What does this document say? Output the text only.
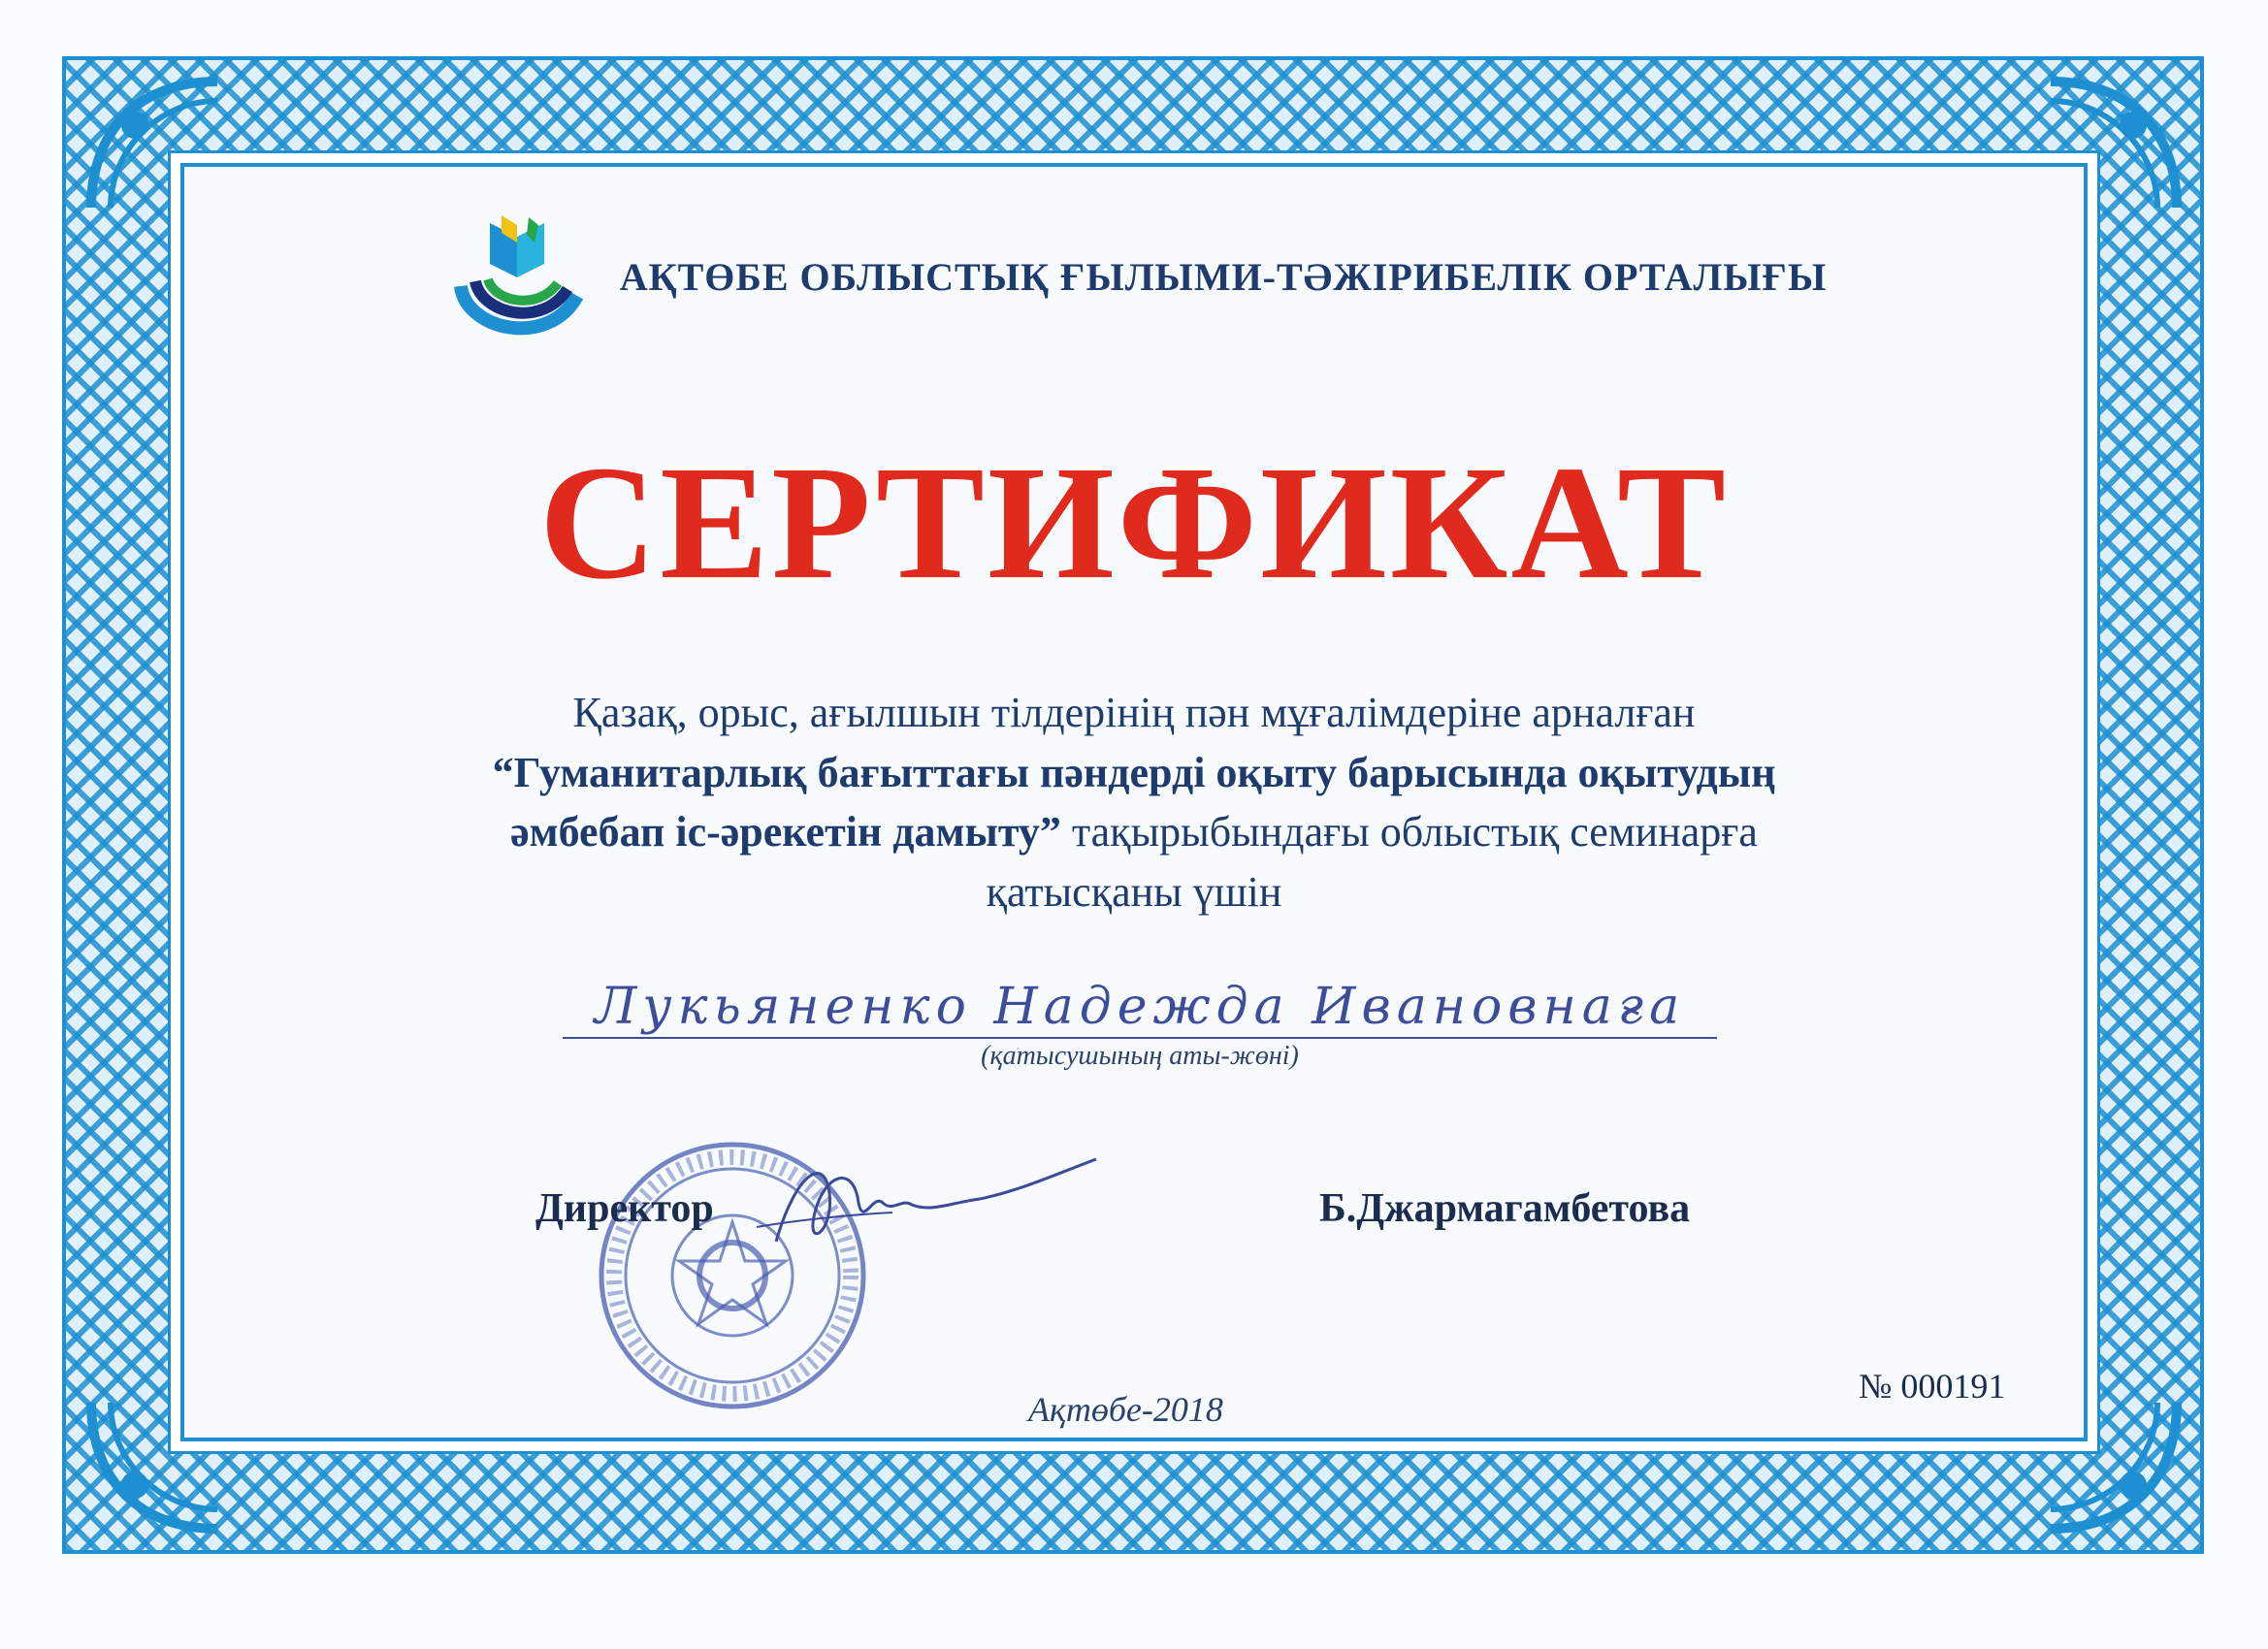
АҚТӨБЕ ОБЛЫСТЫҚ ҒЫЛЫМИ-ТӘЖІРИБЕЛІК ОРТАЛЫҒЫ
СЕРТИФИКАТ
Қазақ, орыс, ағылшын тілдерінің пән мұғалімдеріне арналған
“Гуманитарлық бағыттағы пәндерді оқыту барысында оқытудың
әмбебап іс-әрекетін дамыту” тақырыбындағы облыстық семинарға
қатысқаны үшін
Лукьяненко Надежда Ивановнаға
(қатысушының аты-жөні)
Директор	Б.Джармагамбетова
Ақтөбе-2018
№ 000191
